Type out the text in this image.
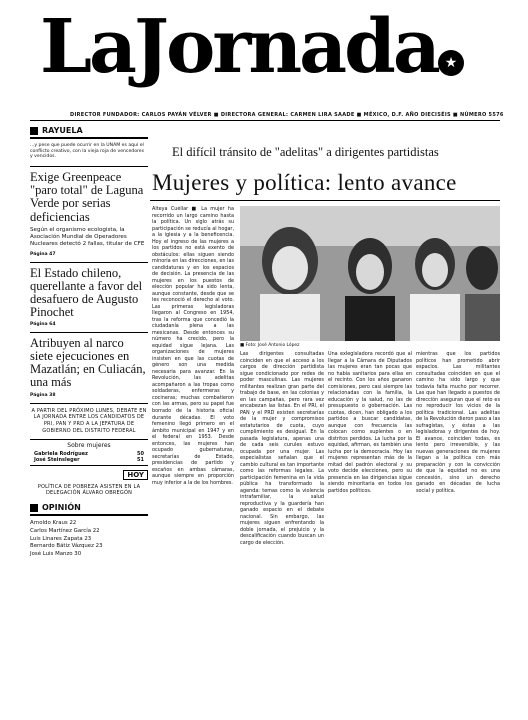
LaJornada ★
DIRECTOR FUNDADOR: CARLOS PAYÁN VÉLVER ■ DIRECTORA GENERAL: CARMEN LIRA SAADE ■ MÉXICO, D.F. AÑO DIECISÉIS ■ NÚMERO 5576
RAYUELA
...y pese que puede ocurrir en la UNAM es aquí el conflicto creativo, con la vieja roja de vencedores y vencidos.
Exige Greenpeace "paro total" de Laguna Verde por serias deficiencias
Según el organismo ecologista, la Asociación Mundial de Operadores Nucleares detectó 2 fallas, titular de CFE
Página 47
El Estado chileno, querellante a favor del desafuero de Augusto Pinochet
Página 64
Atribuyen al narco siete ejecuciones en Mazatlán; en Culiacán, una más
Página 38
A PARTIR DEL PRÓXIMO LUNES, DEBATE EN LA JORNADA ENTRE LOS CANDIDATOS DE PRI, PAN Y PRD A LA JEFATURA DE GOBIERNO DEL DISTRITO FEDERAL
Sobre mujeres
Gabriela Rodríguez	50
José Steinsleger	51
HOY
POLÍTICA DE POBREZA ASISTEN EN LA DELEGACIÓN ÁLVARO OBREGÓN
OPINIÓN
Arnoldo Kraus 22
Carlos Martínez García 22
Luis Linares Zapata 23
Bernardo Bátiz Vázquez 23
José Luis Manzo 30
El difícil tránsito de "adelitas" a dirigentes partidistas
Mujeres y política: lento avance
Alteya Cuéllar ■ La mujer ha recorrido un largo camino hasta la política. Un siglo atrás su participación se reducía al hogar, a la iglesia y a la beneficencia. Hoy el ingreso de las mujeres a los partidos no está exento de obstáculos: ellas siguen siendo minoría en las direcciones, en las candidaturas y en los espacios de decisión. La presencia de las mujeres en los puestos de elección popular ha sido lenta, aunque constante, desde que se les reconoció el derecho al voto. Las primeras legisladoras llegaron al Congreso en 1954, tras la reforma que concedió la ciudadanía plena a las mexicanas. Desde entonces su número ha crecido, pero la equidad sigue lejana. Las organizaciones de mujeres insisten en que las cuotas de género son una medida necesaria para avanzar. En la Revolución, las adelitas acompañaron a las tropas como soldaderas, enfermeras y cocineras; muchas combatieron con las armas, pero su papel fue borrado de la historia oficial durante décadas. El voto femenino llegó primero en el ámbito municipal en 1947 y en el federal en 1953. Desde entonces, las mujeres han ocupado gubernaturas, secretarías de Estado, presidencias de partido y escaños en ambas cámaras, aunque siempre en proporción muy inferior a la de los hombres.
■ Foto: José Antonio López
Las dirigentes consultadas coinciden en que el acceso a los cargos de dirección partidista sigue condicionado por redes de poder masculinas. Las mujeres militantes realizan gran parte del trabajo de base, en las colonias y en las campañas, pero rara vez encabezan las listas. En el PRI, el PAN y el PRD existen secretarías de la mujer y compromisos estatutarios de cuota, cuyo cumplimiento es desigual. En la pasada legislatura, apenas una de cada seis curules estuvo ocupada por una mujer. Las especialistas señalan que el cambio cultural es tan importante como las reformas legales. La participación femenina en la vida pública ha transformado la agenda: temas como la violencia intrafamiliar, la salud reproductiva y la guardería han ganado espacio en el debate nacional. Sin embargo, las mujeres siguen enfrentando la doble jornada, el prejuicio y la descalificación cuando buscan un cargo de elección.
Una exlegisladora recordó que al llegar a la Cámara de Diputados las mujeres eran tan pocas que no había sanitarios para ellas en el recinto. Con los años ganaron comisiones, pero casi siempre las relacionadas con la familia, la educación y la salud, no las de presupuesto o gobernación. Las cuotas, dicen, han obligado a los partidos a buscar candidatas, aunque con frecuencia las colocan como suplentes o en distritos perdidos. La lucha por la equidad, afirman, es también una lucha por la democracia. Hoy las mujeres representan más de la mitad del padrón electoral y su voto decide elecciones, pero su presencia en las dirigencias sigue siendo minoritaria en todos los partidos políticos.
mientras que los partidos políticos han prometido abrir espacios. Las militantes consultadas coinciden en que el camino ha sido largo y que todavía falta mucho por recorrer. Las que han llegado a puestos de dirección aseguran que el reto es no reproducir los vicios de la política tradicional. Las adelitas de la Revolución dieron paso a las sufragistas, y éstas a las legisladoras y dirigentes de hoy. El avance, coinciden todas, es lento pero irreversible, y las nuevas generaciones de mujeres llegan a la política con más preparación y con la convicción de que la equidad no es una concesión, sino un derecho ganado en décadas de lucha social y política.
